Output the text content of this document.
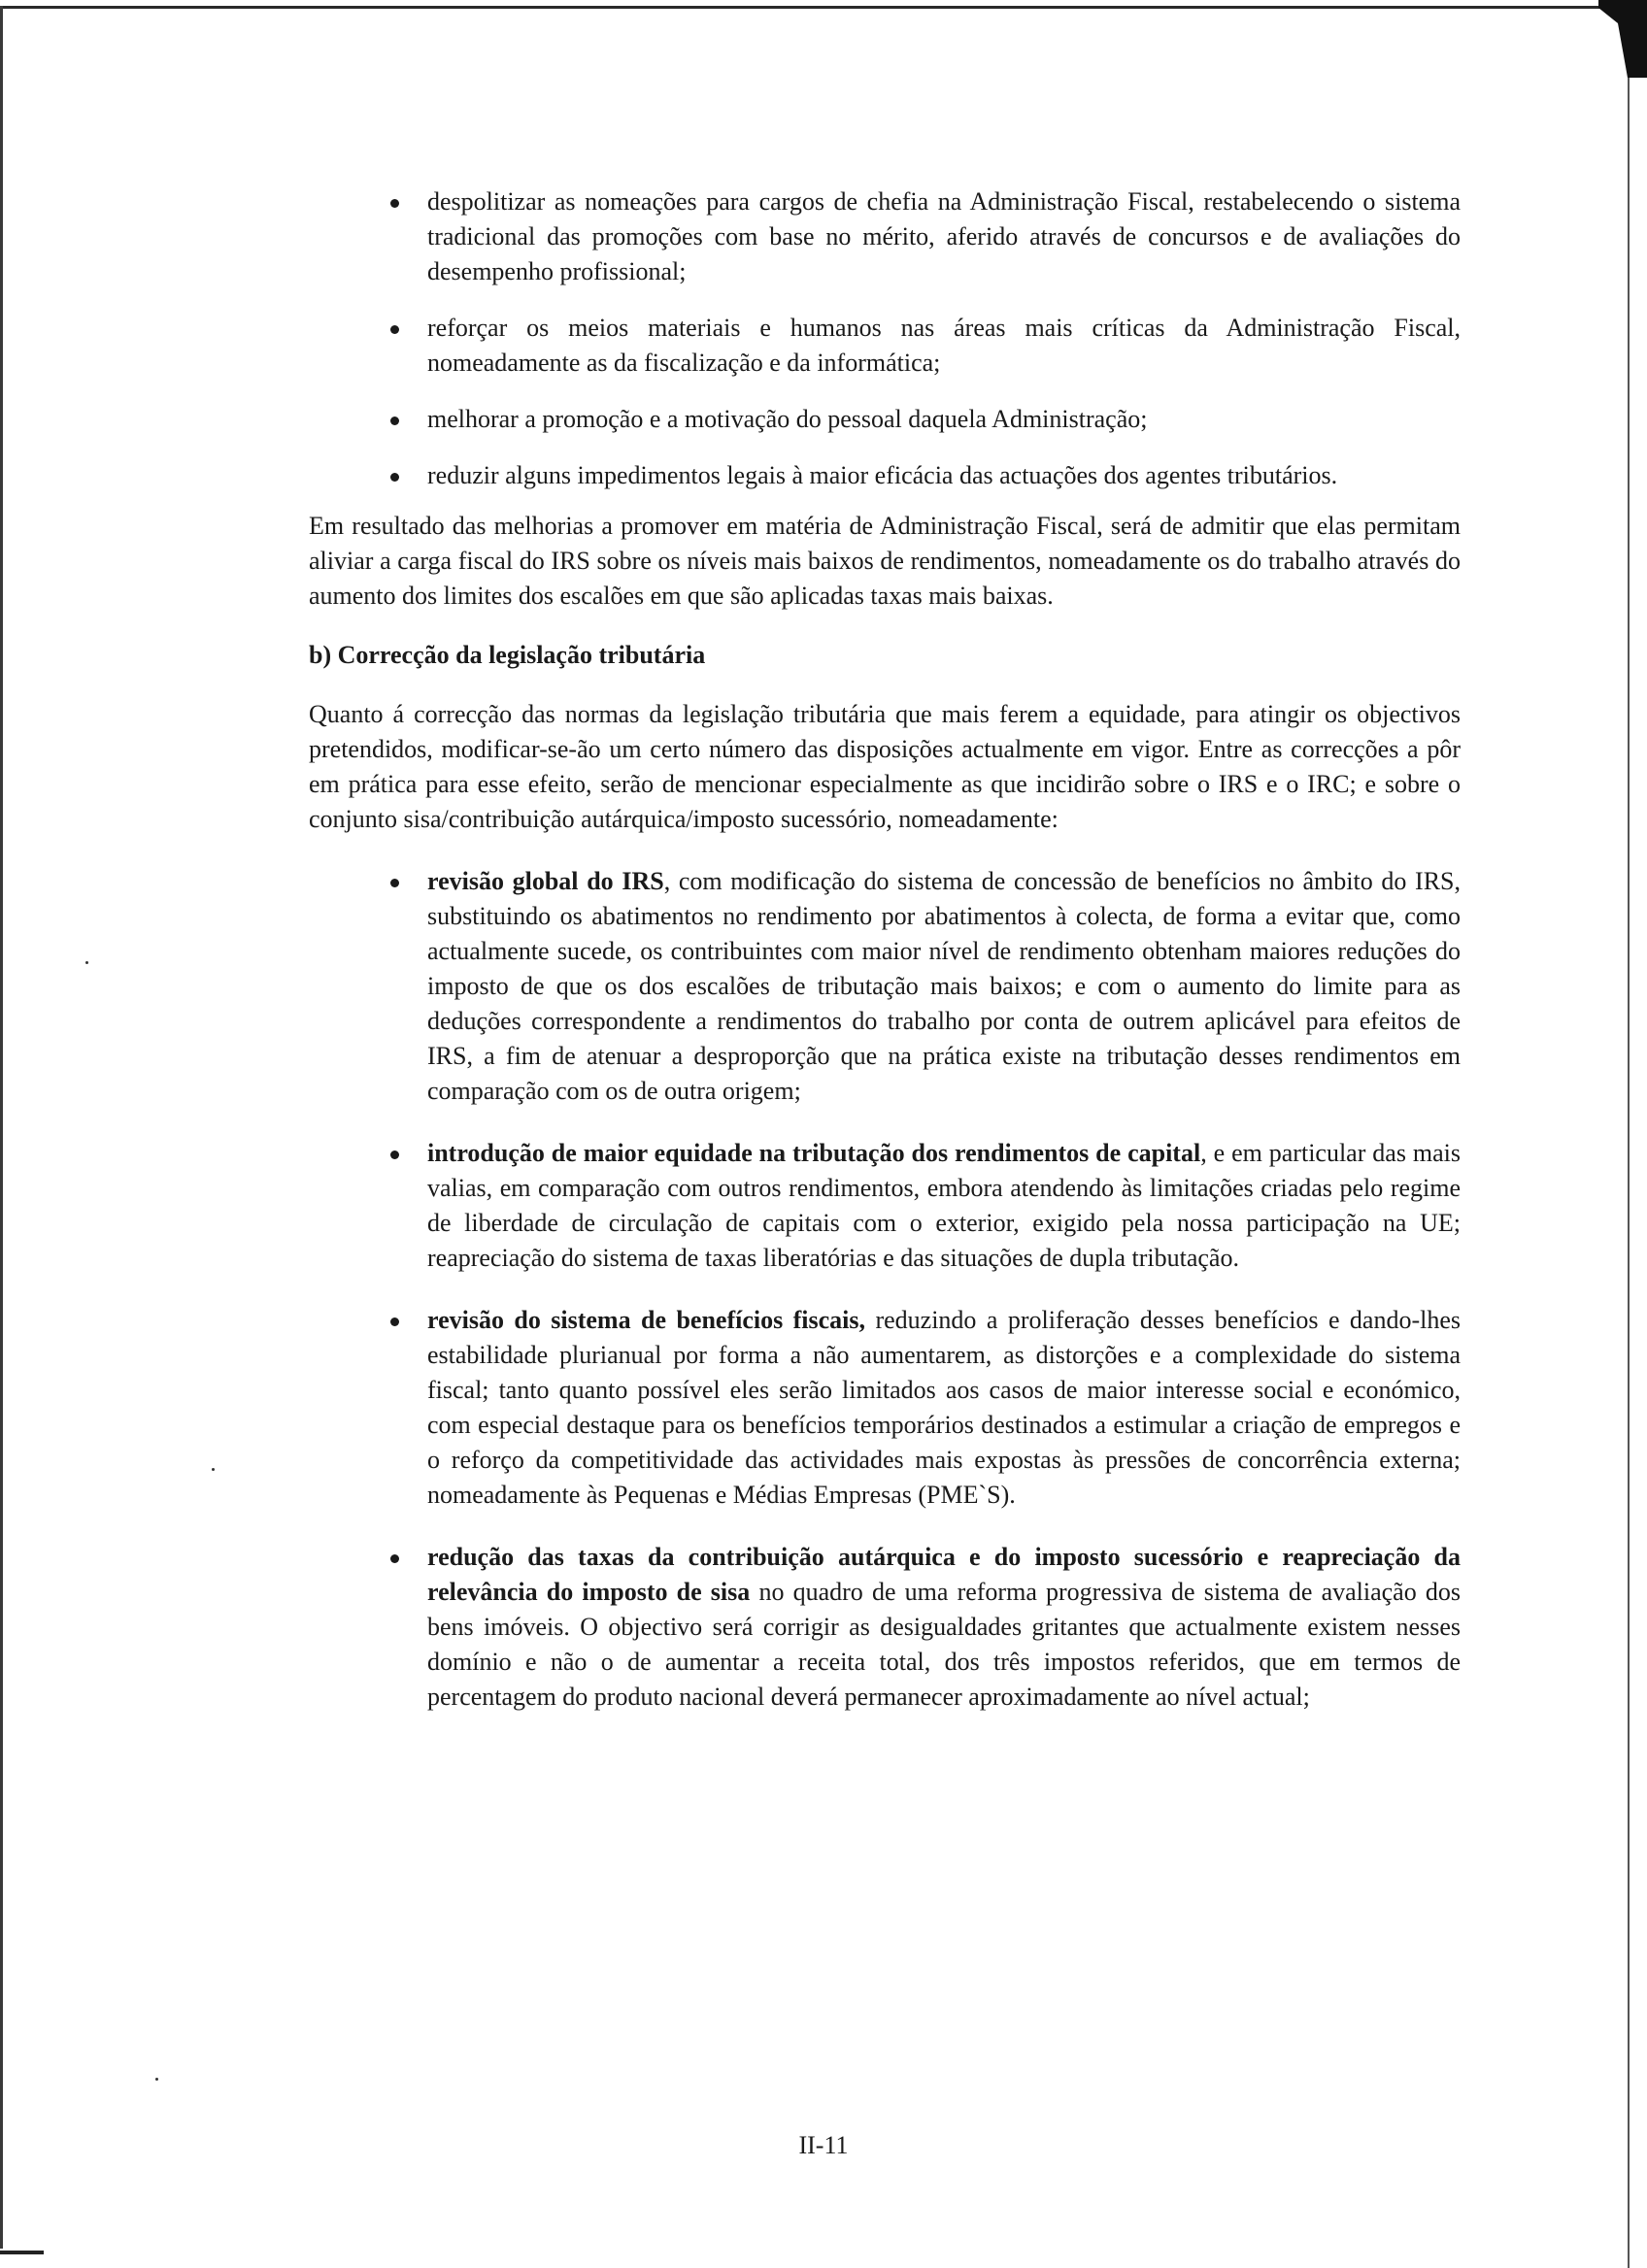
despolitizar as nomeações para cargos de chefia na Administração Fiscal, restabelecendo o sistema tradicional das promoções com base no mérito, aferido através de concursos e de avaliações do desempenho profissional;
reforçar os meios materiais e humanos nas áreas mais críticas da Administração Fiscal, nomeadamente as da fiscalização e da informática;
melhorar a promoção e a motivação do pessoal daquela Administração;
reduzir alguns impedimentos legais à maior eficácia das actuações dos agentes tributários.

Em resultado das melhorias a promover em matéria de Administração Fiscal, será de admitir que elas permitam aliviar a carga fiscal do IRS sobre os níveis mais baixos de rendimentos, nomeadamente os do trabalho através do aumento dos limites dos escalões em que são aplicadas taxas mais baixas.

b) Correcção da legislação tributária

Quanto á correcção das normas da legislação tributária que mais ferem a equidade, para atingir os objectivos pretendidos, modificar-se-ão um certo número das disposições actualmente em vigor. Entre as correcções a pôr em prática para esse efeito, serão de mencionar especialmente as que incidirão sobre o IRS e o IRC; e sobre o conjunto sisa/contribuição autárquica/imposto sucessório, nomeadamente:

revisão global do IRS, com modificação do sistema de concessão de benefícios no âmbito do IRS, substituindo os abatimentos no rendimento por abatimentos à colecta, de forma a evitar que, como actualmente sucede, os contribuintes com maior nível de rendimento obtenham maiores reduções do imposto de que os dos escalões de tributação mais baixos; e com o aumento do limite para as deduções correspondente a rendimentos do trabalho por conta de outrem aplicável para efeitos de IRS, a fim de atenuar a desproporção que na prática existe na tributação desses rendimentos em comparação com os de outra origem;
introdução de maior equidade na tributação dos rendimentos de capital, e em particular das mais valias, em comparação com outros rendimentos, embora atendendo às limitações criadas pelo regime de liberdade de circulação de capitais com o exterior, exigido pela nossa participação na UE; reapreciação do sistema de taxas liberatórias e das situações de dupla tributação.
revisão do sistema de benefícios fiscais, reduzindo a proliferação desses benefícios e dando-lhes estabilidade plurianual por forma a não aumentarem, as distorções e a complexidade do sistema fiscal; tanto quanto possível eles serão limitados aos casos de maior interesse social e económico, com especial destaque para os benefícios temporários destinados a estimular a criação de empregos e o reforço da competitividade das actividades mais expostas às pressões de concorrência externa; nomeadamente às Pequenas e Médias Empresas (PME`S).
redução das taxas da contribuição autárquica e do imposto sucessório e reapreciação da relevância do imposto de sisa no quadro de uma reforma progressiva de sistema de avaliação dos bens imóveis. O objectivo será corrigir as desigualdades gritantes que actualmente existem nesses domínio e não o de aumentar a receita total, dos três impostos referidos, que em termos de percentagem do produto nacional deverá permanecer aproximadamente ao nível actual;
II-11
